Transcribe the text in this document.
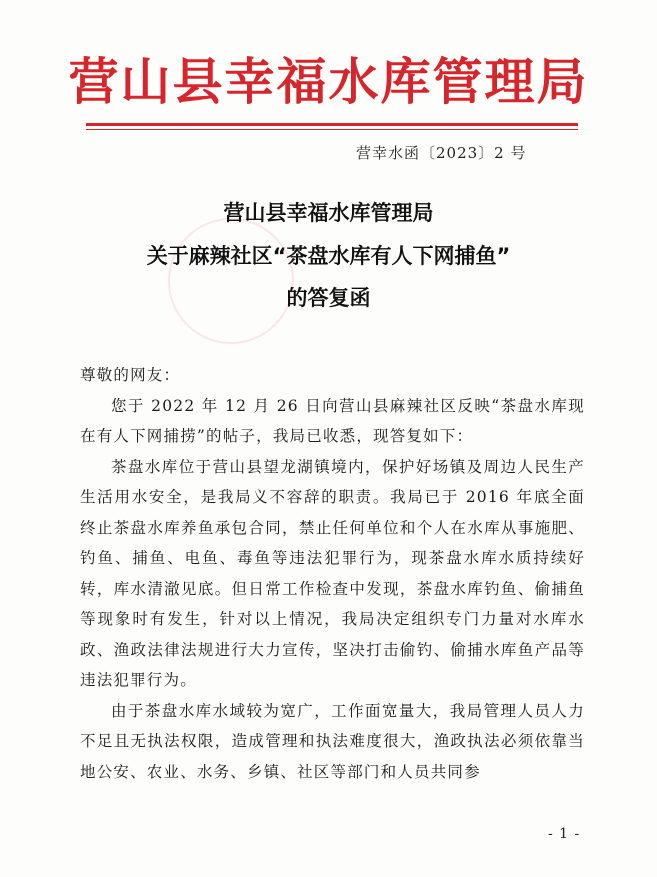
营山县幸福水库管理局
营幸水函〔2023〕2 号
营山县幸福水库管理局
关于麻辣社区“茶盘水库有人下网捕鱼”
的答复函

尊敬的网友：

您于 2022 年 12 月 26 日向营山县麻辣社区反映“茶盘水库现在有人下网捕捞”的帖子，我局已收悉，现答复如下：

茶盘水库位于营山县望龙湖镇境内，保护好场镇及周边人民生产生活用水安全，是我局义不容辞的职责。我局已于 2016 年底全面终止茶盘水库养鱼承包合同，禁止任何单位和个人在水库从事施肥、钓鱼、捕鱼、电鱼、毒鱼等违法犯罪行为，现茶盘水库水质持续好转，库水清澈见底。但日常工作检查中发现，茶盘水库钓鱼、偷捕鱼等现象时有发生，针对以上情况，我局决定组织专门力量对水库水政、渔政法律法规进行大力宣传，坚决打击偷钓、偷捕水库鱼产品等违法犯罪行为。

由于茶盘水库水域较为宽广，工作面宽量大，我局管理人员人力不足且无执法权限，造成管理和执法难度很大，渔政执法必须依靠当地公安、农业、水务、乡镇、社区等部门和人员共同参

- 1 -
